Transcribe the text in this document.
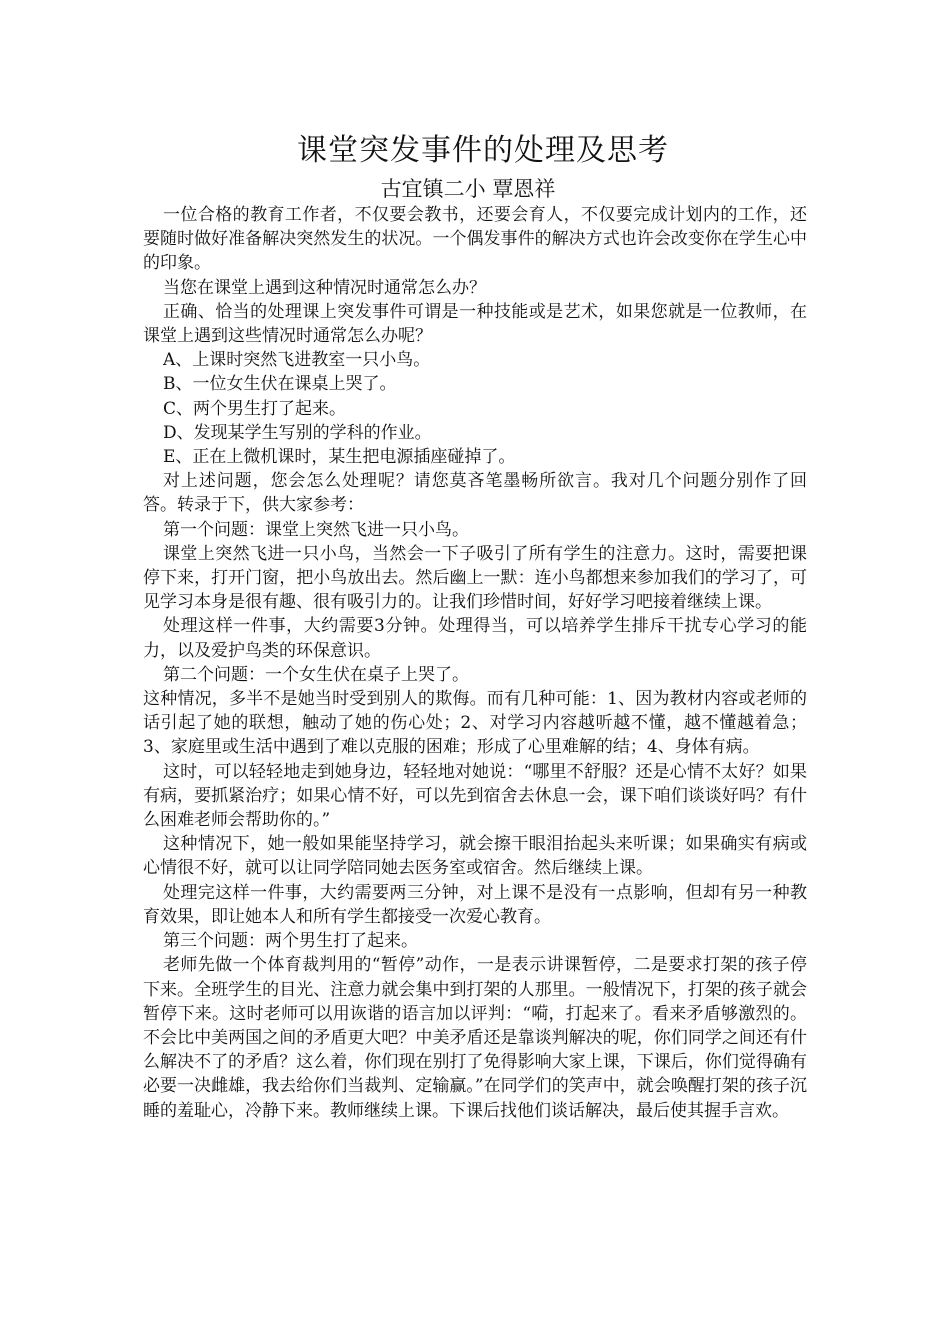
课堂突发事件的处理及思考
古宜镇二小 覃恩祥

一位合格的教育工作者，不仅要会教书，还要会育人，不仅要完成计划内的工作，还要随时做好准备解决突然发生的状况。一个偶发事件的解决方式也许会改变你在学生心中的印象。

当您在课堂上遇到这种情况时通常怎么办？

正确、恰当的处理课上突发事件可谓是一种技能或是艺术，如果您就是一位教师，在课堂上遇到这些情况时通常怎么办呢？

A、上课时突然飞进教室一只小鸟。

B、一位女生伏在课桌上哭了。

C、两个男生打了起来。

D、发现某学生写别的学科的作业。

E、正在上微机课时，某生把电源插座碰掉了。

对上述问题，您会怎么处理呢？请您莫吝笔墨畅所欲言。我对几个问题分别作了回答。转录于下，供大家参考：

第一个问题：课堂上突然飞进一只小鸟。

课堂上突然飞进一只小鸟，当然会一下子吸引了所有学生的注意力。这时，需要把课停下来，打开门窗，把小鸟放出去。然后幽上一默：连小鸟都想来参加我们的学习了，可见学习本身是很有趣、很有吸引力的。让我们珍惜时间，好好学习吧接着继续上课。

处理这样一件事，大约需要3分钟。处理得当，可以培养学生排斥干扰专心学习的能力，以及爱护鸟类的环保意识。

第二个问题：一个女生伏在桌子上哭了。

这种情况，多半不是她当时受到别人的欺侮。而有几种可能：1、因为教材内容或老师的话引起了她的联想，触动了她的伤心处；2、对学习内容越听越不懂，越不懂越着急；3、家庭里或生活中遇到了难以克服的困难；形成了心里难解的结；4、身体有病。

这时，可以轻轻地走到她身边，轻轻地对她说：“哪里不舒服？还是心情不太好？如果有病，要抓紧治疗；如果心情不好，可以先到宿舍去休息一会，课下咱们谈谈好吗？有什么困难老师会帮助你的。”

这种情况下，她一般如果能坚持学习，就会擦干眼泪抬起头来听课；如果确实有病或心情很不好，就可以让同学陪同她去医务室或宿舍。然后继续上课。

处理完这样一件事，大约需要两三分钟，对上课不是没有一点影响，但却有另一种教育效果，即让她本人和所有学生都接受一次爱心教育。

第三个问题：两个男生打了起来。

老师先做一个体育裁判用的“暂停”动作，一是表示讲课暂停，二是要求打架的孩子停下来。全班学生的目光、注意力就会集中到打架的人那里。一般情况下，打架的孩子就会暂停下来。这时老师可以用诙谐的语言加以评判：“嗬，打起来了。看来矛盾够激烈的。不会比中美两国之间的矛盾更大吧？中美矛盾还是靠谈判解决的呢，你们同学之间还有什么解决不了的矛盾？这么着，你们现在别打了免得影响大家上课，下课后，你们觉得确有必要一决雌雄，我去给你们当裁判、定输赢。”在同学们的笑声中，就会唤醒打架的孩子沉睡的羞耻心，冷静下来。教师继续上课。下课后找他们谈话解决，最后使其握手言欢。
